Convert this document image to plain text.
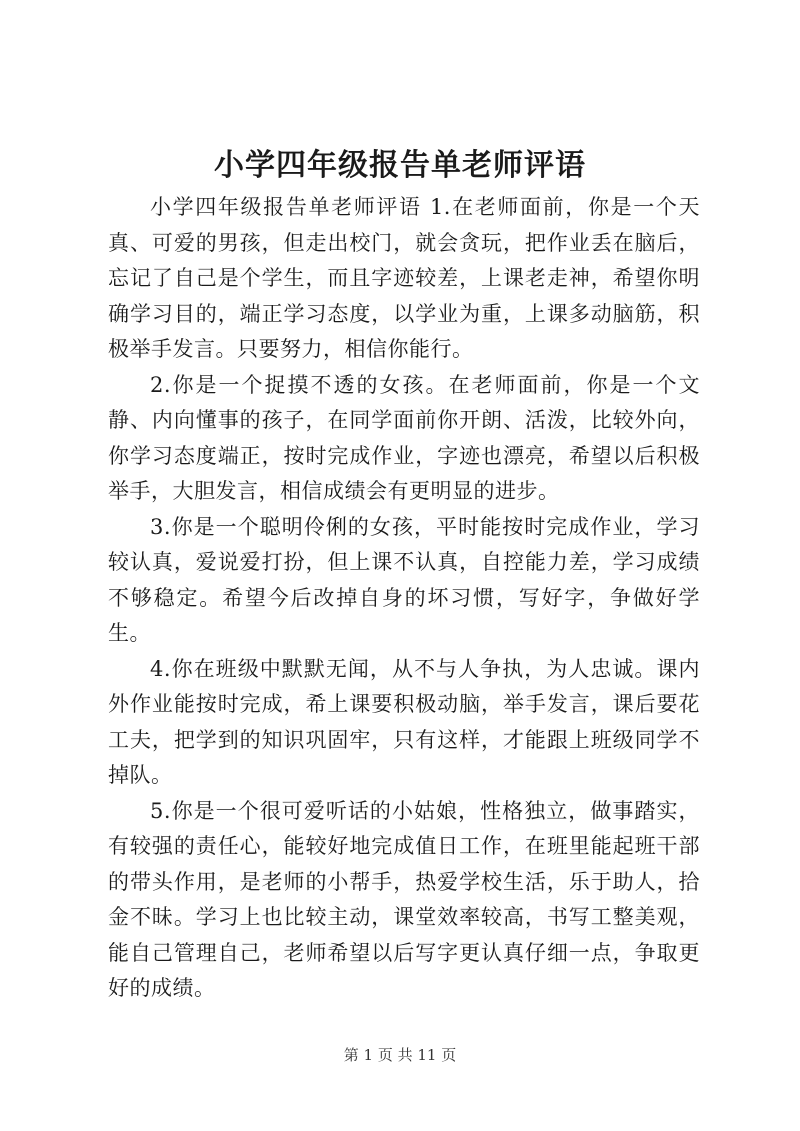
小学四年级报告单老师评语

小学四年级报告单老师评语 1.在老师面前，你是一个天真、可爱的男孩，但走出校门，就会贪玩，把作业丢在脑后，忘记了自己是个学生，而且字迹较差，上课老走神，希望你明确学习目的，端正学习态度，以学业为重，上课多动脑筋，积极举手发言。只要努力，相信你能行。

2.你是一个捉摸不透的女孩。在老师面前，你是一个文静、内向懂事的孩子，在同学面前你开朗、活泼，比较外向，你学习态度端正，按时完成作业，字迹也漂亮，希望以后积极举手，大胆发言，相信成绩会有更明显的进步。

3.你是一个聪明伶俐的女孩，平时能按时完成作业，学习较认真，爱说爱打扮，但上课不认真，自控能力差，学习成绩不够稳定。希望今后改掉自身的坏习惯，写好字，争做好学生。

4.你在班级中默默无闻，从不与人争执，为人忠诚。课内外作业能按时完成，希上课要积极动脑，举手发言，课后要花工夫，把学到的知识巩固牢，只有这样，才能跟上班级同学不掉队。

5.你是一个很可爱听话的小姑娘，性格独立，做事踏实，有较强的责任心，能较好地完成值日工作，在班里能起班干部的带头作用，是老师的小帮手，热爱学校生活，乐于助人，拾金不昧。学习上也比较主动，课堂效率较高，书写工整美观，能自己管理自己，老师希望以后写字更认真仔细一点，争取更好的成绩。

第 1 页 共 11 页
